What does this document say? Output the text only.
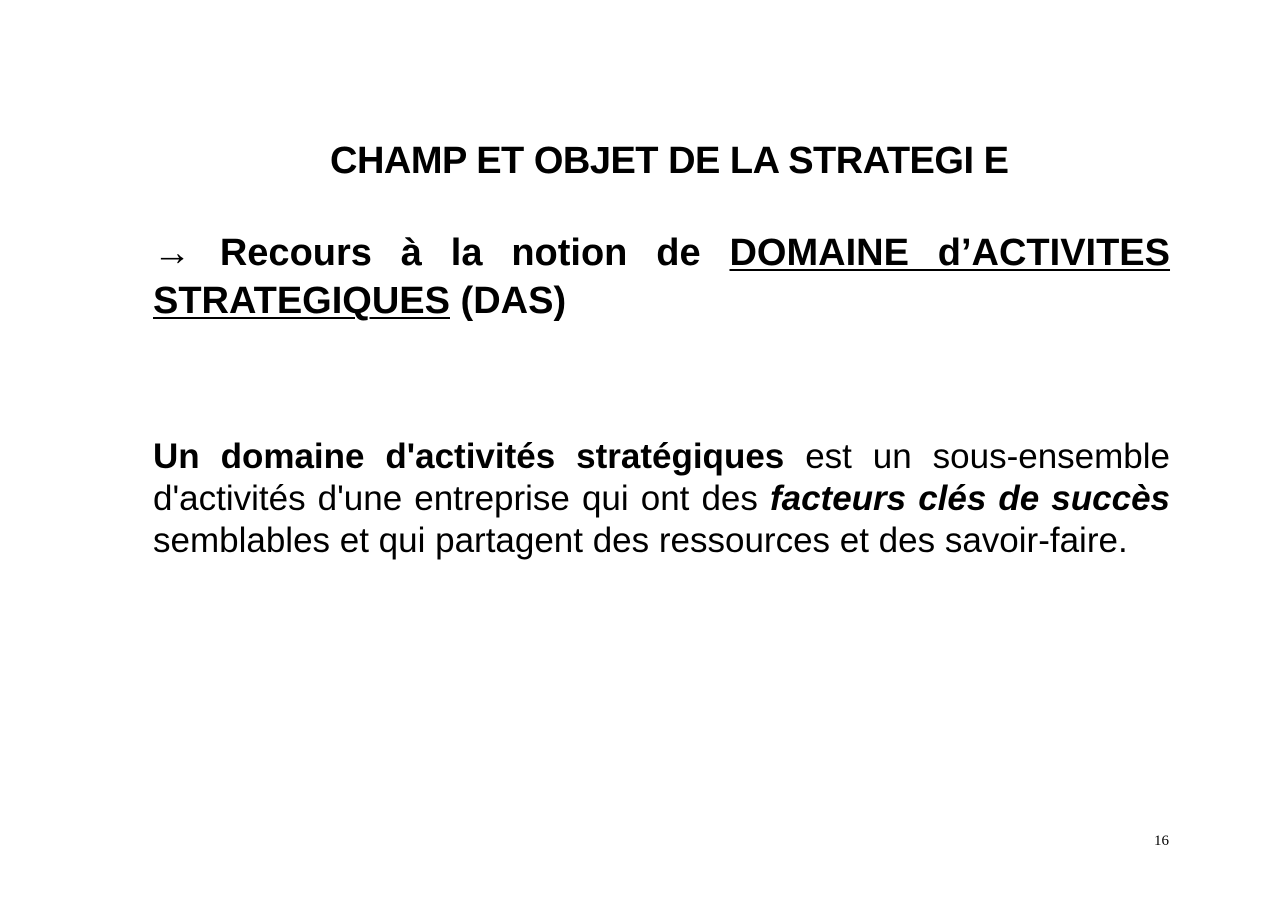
CHAMP ET OBJET DE LA STRATEGI E

→ Recours à la notion de DOMAINE d’ACTIVITES STRATEGIQUES (DAS)

Un domaine d'activités stratégiques est un sous-ensemble d'activités d'une entreprise qui ont des facteurs clés de succès semblables et qui partagent des ressources et des savoir-faire.

16
